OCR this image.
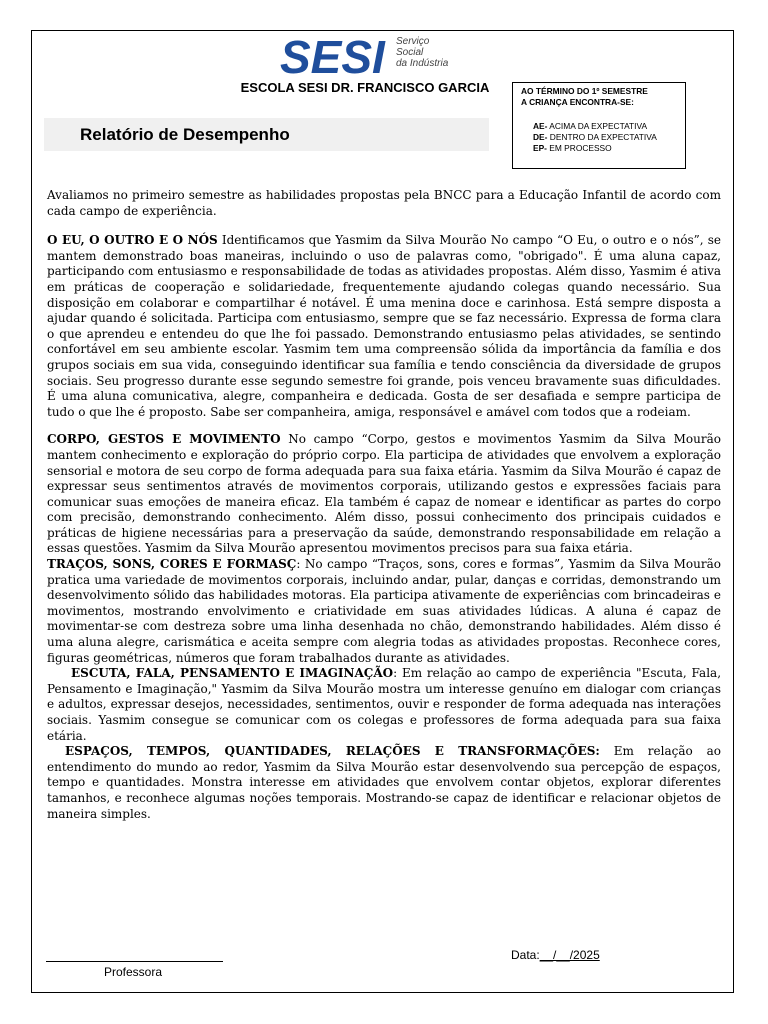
SESI Serviço
Social
da Indústria
ESCOLA SESI DR. FRANCISCO GARCIA
Relatório de Desempenho
AO TÉRMINO DO 1º SEMESTRE
A CRIANÇA ENCONTRA-SE:
AE- ACIMA DA EXPECTATIVA
DE- DENTRO DA EXPECTATIVA
EP- EM PROCESSO

Avaliamos no primeiro semestre as habilidades propostas pela BNCC para a Educação Infantil de acordo com cada campo de experiência.

O EU, O OUTRO E O NÓS Identificamos que Yasmim da Silva Mourão No campo “O Eu, o outro e o nós”, se mantem demonstrado boas maneiras, incluindo o uso de palavras como, "obrigado". É uma aluna capaz, participando com entusiasmo e responsabilidade de todas as atividades propostas. Além disso, Yasmim é ativa em práticas de cooperação e solidariedade, frequentemente ajudando colegas quando necessário. Sua disposição em colaborar e compartilhar é notável. É uma menina doce e carinhosa. Está sempre disposta a ajudar quando é solicitada. Participa com entusiasmo, sempre que se faz necessário. Expressa de forma clara o que aprendeu e entendeu do que lhe foi passado. Demonstrando entusiasmo pelas atividades, se sentindo confortável em seu ambiente escolar. Yasmim tem uma compreensão sólida da importância da família e dos grupos sociais em sua vida, conseguindo identificar sua família e tendo consciência da diversidade de grupos sociais. Seu progresso durante esse segundo semestre foi grande, pois venceu bravamente suas dificuldades. É uma aluna comunicativa, alegre, companheira e dedicada. Gosta de ser desafiada e sempre participa de tudo o que lhe é proposto. Sabe ser companheira, amiga, responsável e amável com todos que a rodeiam.

CORPO, GESTOS E MOVIMENTO No campo “Corpo, gestos e movimentos Yasmim da Silva Mourão mantem conhecimento e exploração do próprio corpo. Ela participa de atividades que envolvem a exploração sensorial e motora de seu corpo de forma adequada para sua faixa etária. Yasmim da Silva Mourão é capaz de expressar seus sentimentos através de movimentos corporais, utilizando gestos e expressões faciais para comunicar suas emoções de maneira eficaz. Ela também é capaz de nomear e identificar as partes do corpo com precisão, demonstrando conhecimento. Além disso, possui conhecimento dos principais cuidados e práticas de higiene necessárias para a preservação da saúde, demonstrando responsabilidade em relação a essas questões. Yasmim da Silva Mourão apresentou movimentos precisos para sua faixa etária.

TRAÇOS, SONS, CORES E FORMASÇ: No campo “Traços, sons, cores e formas”, Yasmim da Silva Mourão pratica uma variedade de movimentos corporais, incluindo andar, pular, danças e corridas, demonstrando um desenvolvimento sólido das habilidades motoras. Ela participa ativamente de experiências com brincadeiras e movimentos, mostrando envolvimento e criatividade em suas atividades lúdicas. A aluna é capaz de movimentar-se com destreza sobre uma linha desenhada no chão, demonstrando habilidades. Além disso é uma aluna alegre, carismática e aceita sempre com alegria todas as atividades propostas. Reconhece cores, figuras geométricas, números que foram trabalhados durante as atividades.

ESCUTA, FALA, PENSAMENTO E IMAGINAÇÃO: Em relação ao campo de experiência "Escuta, Fala, Pensamento e Imaginação," Yasmim da Silva Mourão mostra um interesse genuíno em dialogar com crianças e adultos, expressar desejos, necessidades, sentimentos, ouvir e responder de forma adequada nas interações sociais. Yasmim consegue se comunicar com os colegas e professores de forma adequada para sua faixa etária.

ESPAÇOS, TEMPOS, QUANTIDADES, RELAÇÕES E TRANSFORMAÇÕES: Em relação ao entendimento do mundo ao redor, Yasmim da Silva Mourão estar desenvolvendo sua percepção de espaços, tempo e quantidades. Monstra interesse em atividades que envolvem contar objetos, explorar diferentes tamanhos, e reconhece algumas noções temporais. Mostrando-se capaz de identificar e relacionar objetos de maneira simples.

Professora
Data:__/__/2025
